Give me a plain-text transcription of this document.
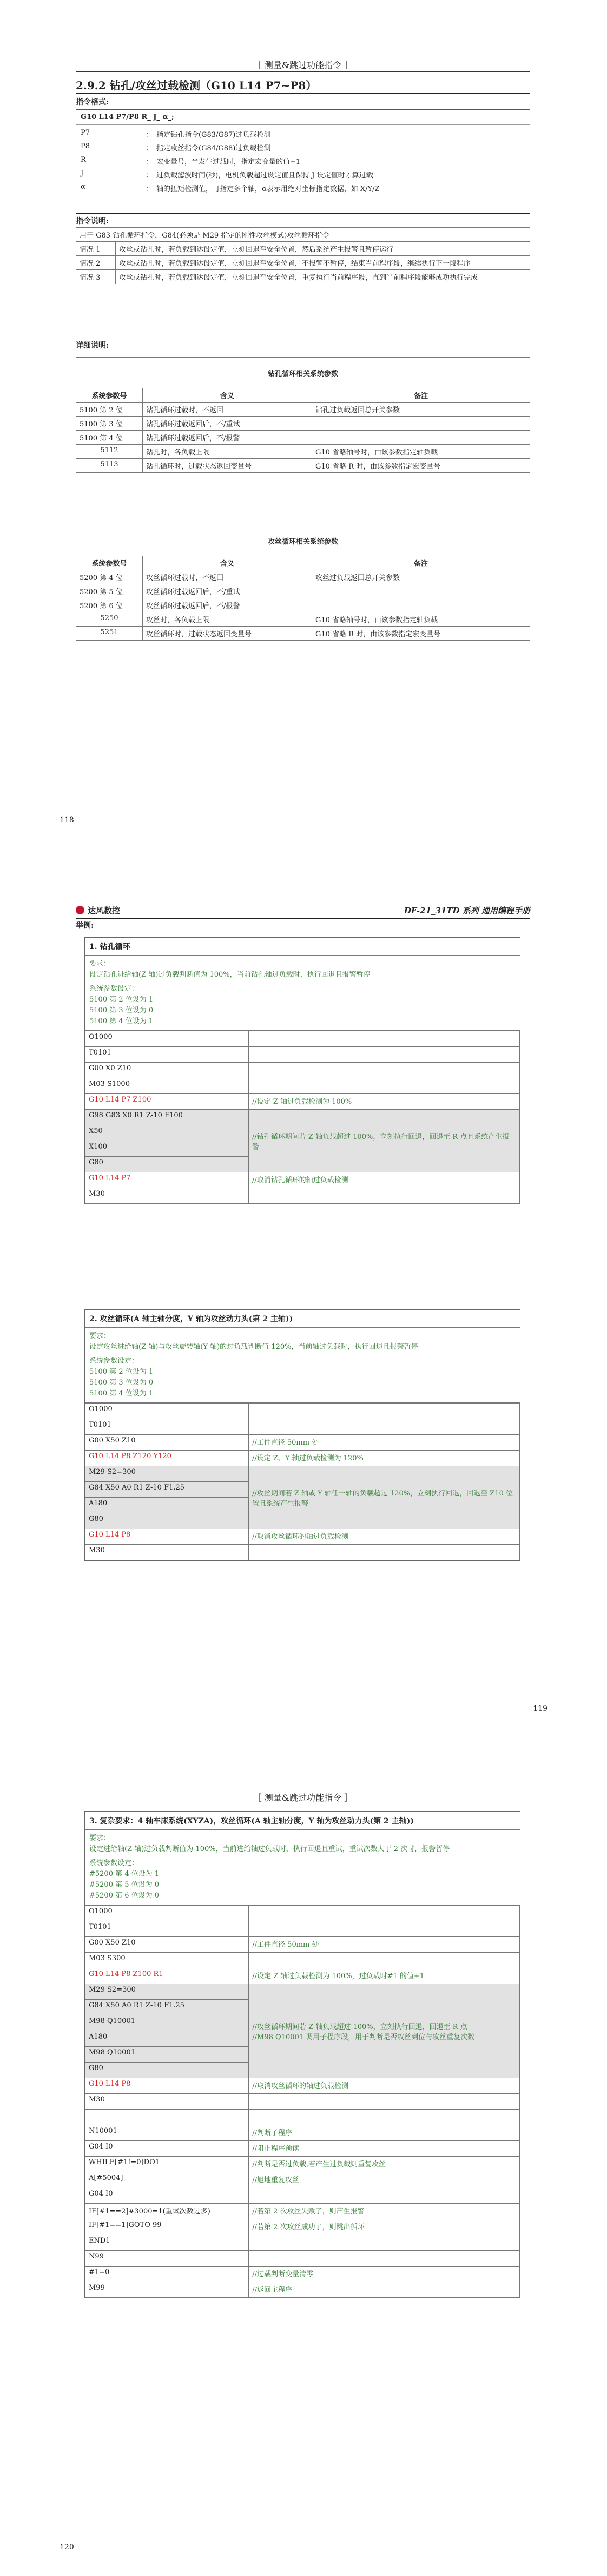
［ 测量&跳过功能指令 ］
2.9.2 钻孔/攻丝过载检测（G10 L14 P7~P8）
指令格式:
G10 L14 P7/P8 R_ J_ α_;
P7	： 指定钻孔指令(G83/G87)过负载检测
P8	： 指定攻丝指令(G84/G88)过负载检测
R	： 宏变量号，当发生过载时，指定宏变量的值+1
J	： 过负载滤波时间(秒)，电机负载超过设定值且保持 J 设定值时才算过载
α	： 轴的扭矩检测值，可指定多个轴，α表示用绝对坐标指定数据，如 X/Y/Z
指令说明:
用于 G83 钻孔循环指令，G84(必须是 M29 指定的刚性攻丝模式)攻丝循环指令	
情况 1	攻丝或钻孔时，若负载到达设定值，立刻回退至安全位置，然后系统产生报警且暂停运行
情况 2	攻丝或钻孔时，若负载到达设定值，立刻回退至安全位置，不报警不暂停，结束当前程序段，继续执行下一段程序
情况 3	攻丝或钻孔时，若负载到达设定值，立刻回退至安全位置，重复执行当前程序段，直到当前程序段能够成功执行完成
详细说明:
钻孔循环相关系统参数		
系统参数号	含义	备注
5100 第 2 位	钻孔循环过载时，不返回	钻孔过负载返回总开关参数
5100 第 3 位	钻孔循环过载返回后，不/重试	
5100 第 4 位	钻孔循环过载返回后，不/报警	
5112	钻孔时，各负载上限	G10 省略轴号时，由该参数指定轴负载
5113	钻孔循环时，过载状态返回变量号	G10 省略 R 时，由该参数指定宏变量号
攻丝循环相关系统参数		
系统参数号	含义	备注
5200 第 4 位	攻丝循环过载时，不返回	攻丝过负载返回总开关参数
5200 第 5 位	攻丝循环过载返回后，不/重试	
5200 第 6 位	攻丝循环过载返回后，不/报警	
5250	攻丝时，各负载上限	G10 省略轴号时，由该参数指定轴负载
5251	攻丝循环时，过载状态返回变量号	G10 省略 R 时，由该参数指定宏变量号
118
达风数控	DF-21_31TD 系列 通用编程手册
举例:
1. 钻孔循环
要求：
设定钻孔进给轴(Z 轴)过负载判断值为 100%，当前钻孔轴过负载时，执行回退且报警暂停
系统参数设定：
5100 第 2 位设为 1
5100 第 3 位设为 0
5100 第 4 位设为 1
O1000	
T0101	
G00 X0 Z10	
M03 S1000	
G10 L14 P7 Z100	//设定 Z 轴过负载检测为 100%
G98 G83 X0 R1 Z-10 F100	//钻孔循环期间若 Z 轴负载超过 100%，立刻执行回退，回退至 R 点且系统产生报警
X50	
X100	
G80	
G10 L14 P7	//取消钻孔循环的轴过负载检测
M30	
2. 攻丝循环(A 轴主轴分度，Y 轴为攻丝动力头(第 2 主轴))
要求：
设定攻丝进给轴(Z 轴)与攻丝旋转轴(Y 轴)的过负载判断值 120%，当前轴过负载时，执行回退且报警暂停
系统参数设定：
5100 第 2 位设为 1
5100 第 3 位设为 0
5100 第 4 位设为 1
O1000	
T0101	
G00 X50 Z10	//工件直径 50mm 处
G10 L14 P8 Z120 Y120	//设定 Z、Y 轴过负载检测为 120%
M29 S2=300	//攻丝期间若 Z 轴或 Y 轴任一轴的负载超过 120%，立刻执行回退，回退至 Z10 位置且系统产生报警
G84 X50 A0 R1 Z-10 F1.25	
A180	
G80	
G10 L14 P8	//取消攻丝循环的轴过负载检测
M30	
119
［ 测量&跳过功能指令 ］
3. 复杂要求：4 轴车床系统(XYZA)，攻丝循环(A 轴主轴分度，Y 轴为攻丝动力头(第 2 主轴))
要求：
设定进给轴(Z 轴)过负载判断值为 100%，当前进给轴过负载时，执行回退且重试，重试次数大于 2 次时，报警暂停
系统参数设定：
#5200 第 4 位设为 1
#5200 第 5 位设为 0
#5200 第 6 位设为 0
O1000	
T0101	
G00 X50 Z10	//工件直径 50mm 处
M03 S300	
G10 L14 P8 Z100 R1	//设定 Z 轴过负载检测为 100%，过负载时#1 的值+1
M29 S2=300	//攻丝循环期间若 Z 轴负载超过 100%，立刻执行回退，回退至 R 点
//M98 Q10001 调用子程序段，用于判断是否攻丝到位与攻丝重复次数

G84 X50 A0 R1 Z-10 F1.25	
M98 Q10001	
A180	
M98 Q10001	
G80	
G10 L14 P8	//取消攻丝循环的轴过负载检测
M30	

N10001	//判断子程序
G04 I0	//阻止程序预读
WHILE[#1!=0]DO1	//判断是否过负载,若产生过负载则重复攻丝
A[#5004]	//旭地重复攻丝
G04 I0	
IF[#1==2]#3000=1(重试次数过多)	//若第 2 次攻丝失败了，则产生报警
IF[#1==1]GOTO 99	//若第 2 次攻丝成功了，则跳出循环
END1	
N99	
#1=0	//过载判断变量清零
M99	//返回主程序
120
